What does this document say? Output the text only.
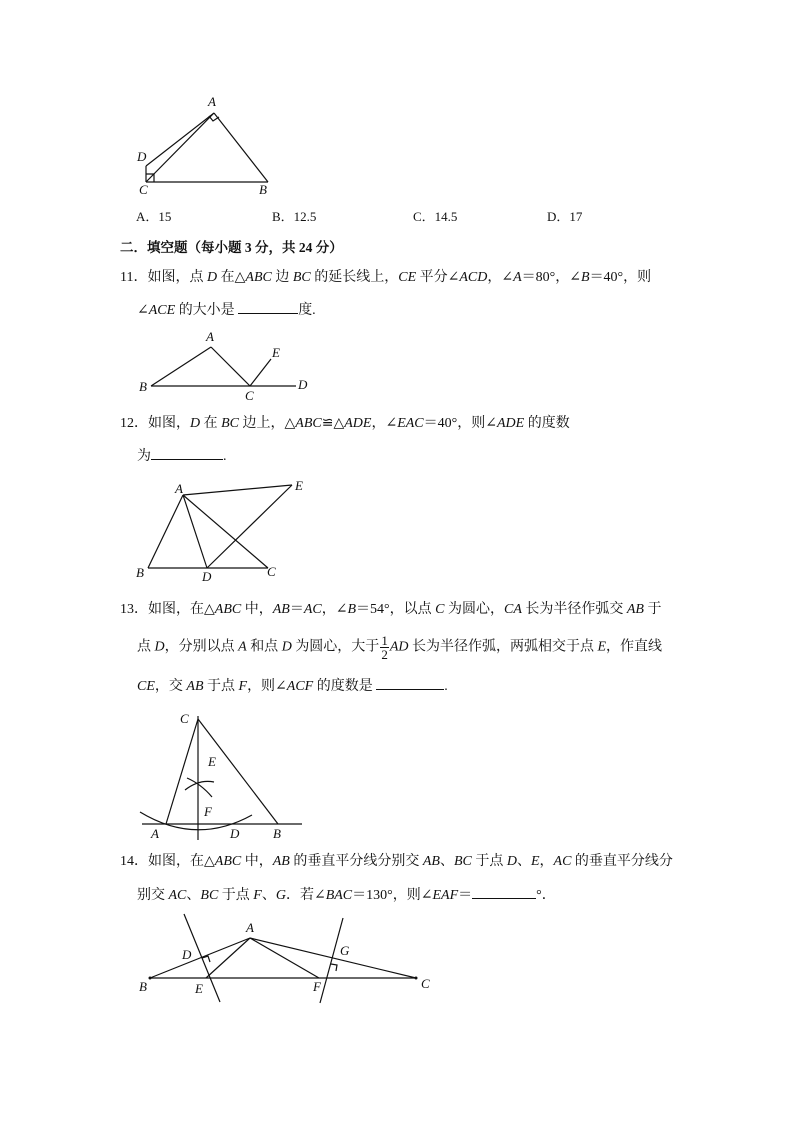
A
D
C	B
A．15	B．12.5	C．14.5	D．17
二．填空题（每小题 3 分，共 24 分）
11．如图，点 D 在△ABC 边 BC 的延长线上，CE 平分∠ACD，∠A＝80°，∠B＝40°，则
∠ACE 的大小是	度.
A
B
C
D
E
12．如图，D 在 BC 边上，△ABC≌△ADE，∠EAC＝40°，则∠ADE 的度数
为	.
A
B	D	C
E
13．如图，在△ABC 中，AB＝AC，∠B＝54°，以点 C 为圆心，CA 长为半径作弧交 AB 于
点 D，分别以点 A 和点 D 为圆心，大于 $\frac{1}{2}$ AD 长为半径作弧，两弧相交于点 E，作直线
CE，交 AB 于点 F，则∠ACF 的度数是	.
C
E
F
A	D	B
14．如图，在△ABC 中，AB 的垂直平分线分别交 AB、BC 于点 D、E，AC 的垂直平分线分
别交 AC、BC 于点 F、G．若∠BAC＝130°，则∠EAF＝	°．
A
D	G
B	E	F	C
